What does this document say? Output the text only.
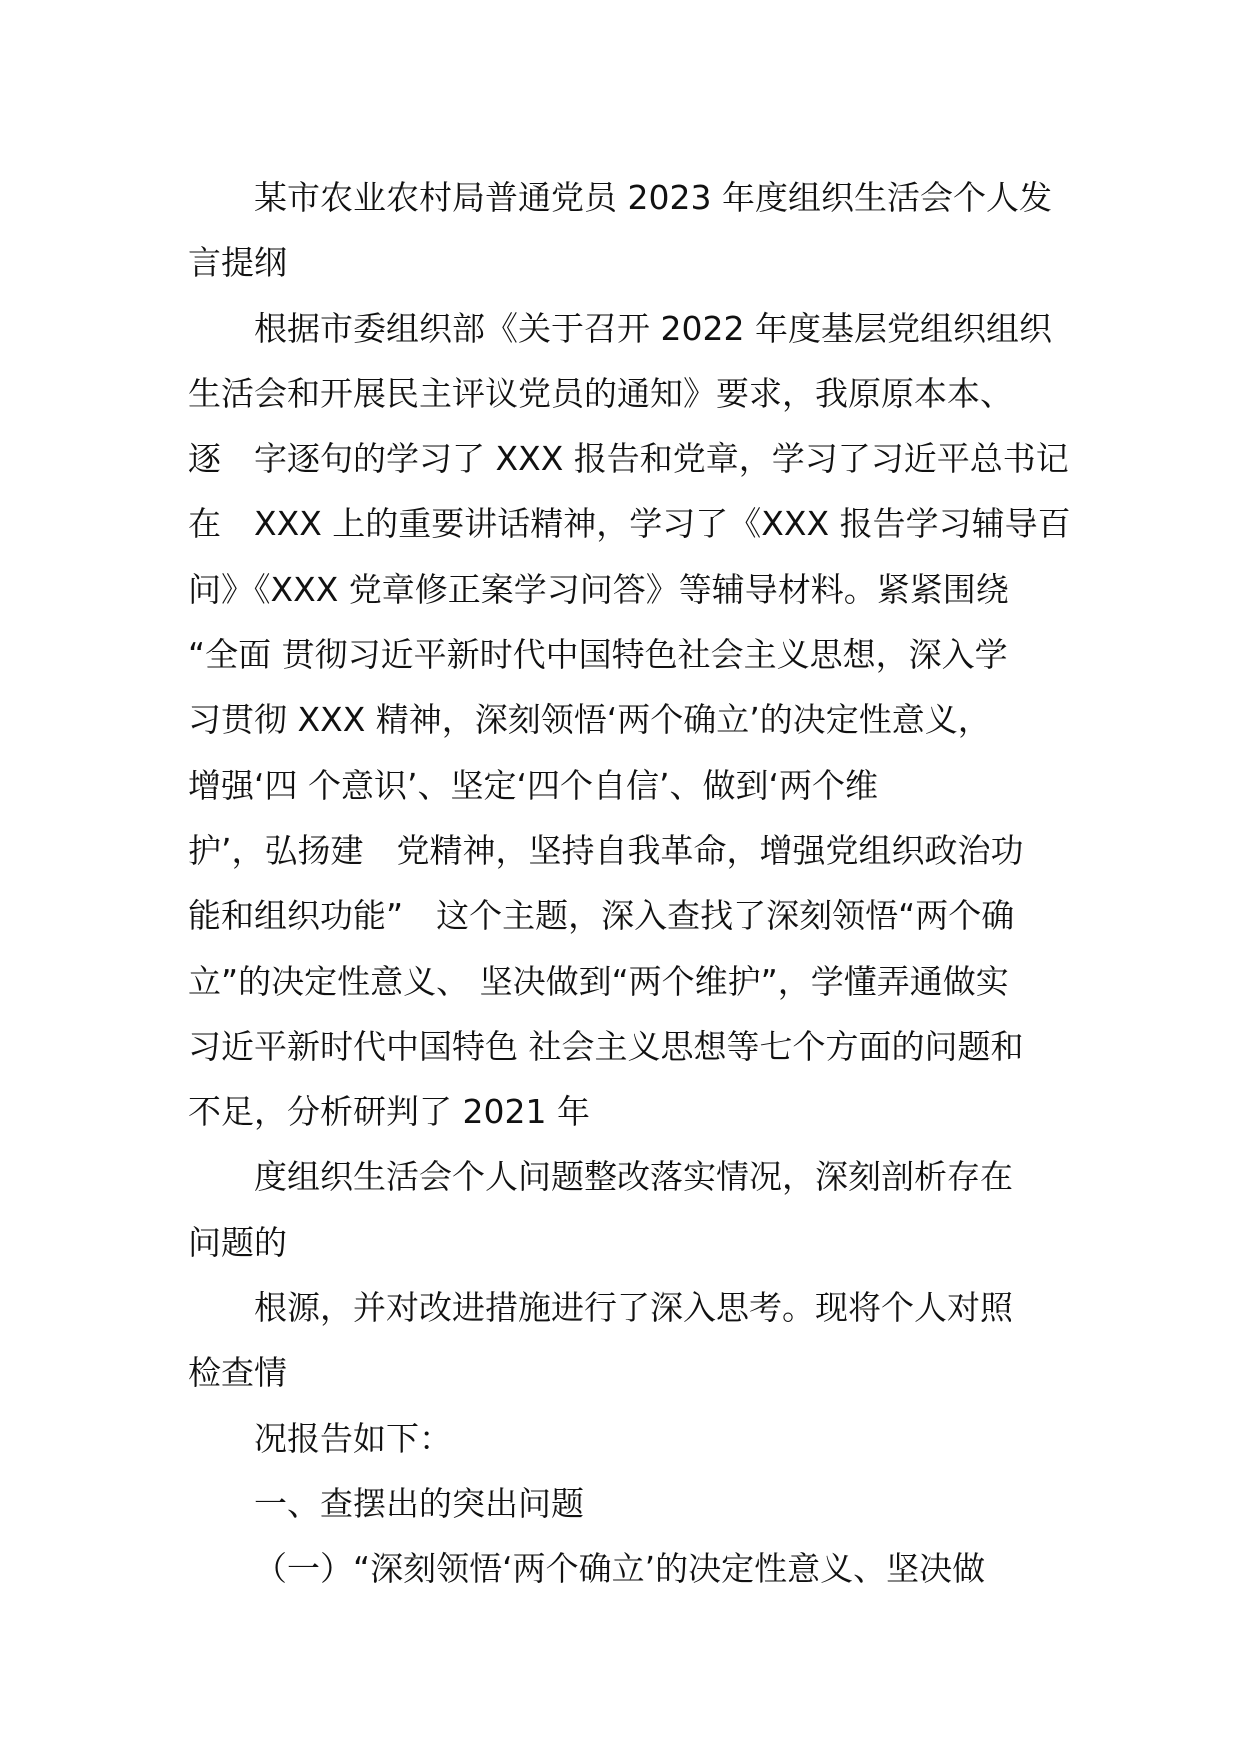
某市农业农村局普通党员 2023 年度组织生活会个人发
言提纲

根据市委组织部《关于召开 2022 年度基层党组织组织
生活会和开展民主评议党员的通知》要求，我原原本本、
逐　字逐句的学习了 XXX 报告和党章，学习了习近平总书记
在　XXX 上的重要讲话精神，学习了《XXX 报告学习辅导百
问》《XXX 党章修正案学习问答》等辅导材料。紧紧围绕
“全面 贯彻习近平新时代中国特色社会主义思想，深入学
习贯彻 XXX 精神，深刻领悟‘两个确立’的决定性意义，
增强‘四 个意识’、坚定‘四个自信’、做到‘两个维
护’，弘扬建　党精神，坚持自我革命，增强党组织政治功
能和组织功能”　这个主题，深入查找了深刻领悟“两个确
立”的决定性意义、 坚决做到“两个维护”，学懂弄通做实
习近平新时代中国特色 社会主义思想等七个方面的问题和
不足，分析研判了 2021 年

度组织生活会个人问题整改落实情况，深刻剖析存在
问题的

根源，并对改进措施进行了深入思考。现将个人对照
检查情

况报告如下：

一、查摆出的突出问题

（一）“深刻领悟‘两个确立’的决定性意义、坚决做
